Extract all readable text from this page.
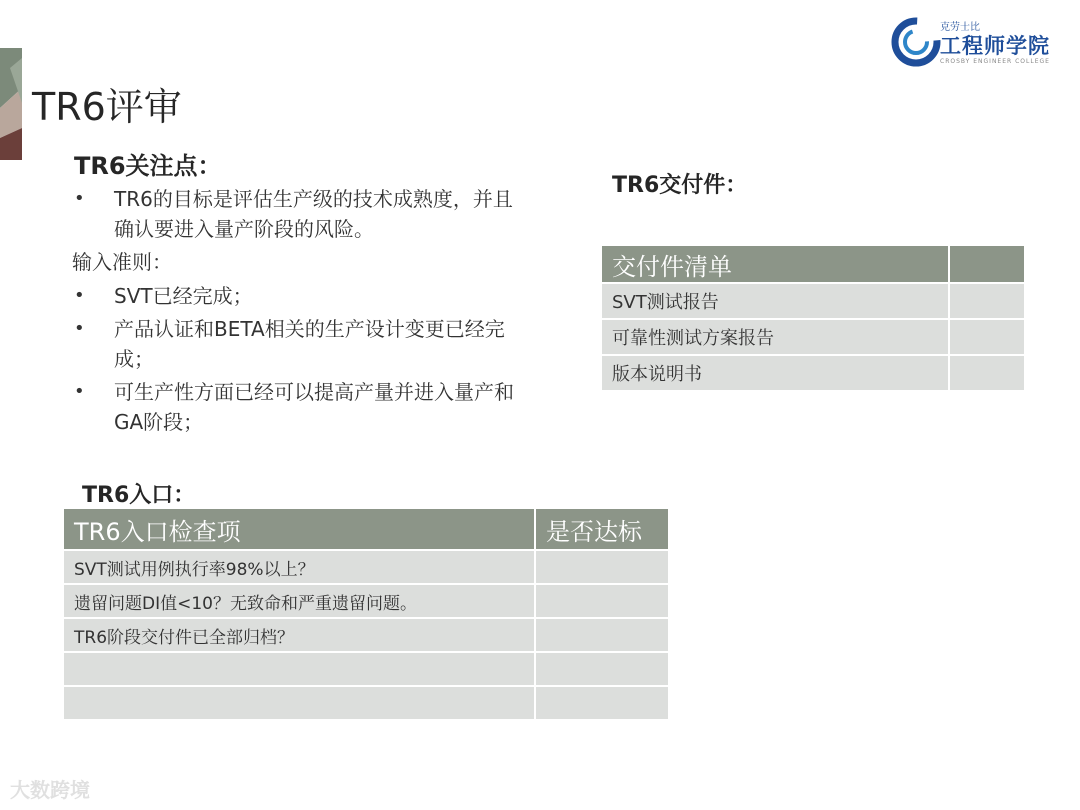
克劳士比
工程师学院
CROSBY ENGINEER COLLEGE
TR6评审
TR6关注点：
• TR6的目标是评估生产级的技术成熟度，并且确认要进入量产阶段的风险。
输入准则：
• SVT已经完成；
• 产品认证和BETA相关的生产设计变更已经完成；
• 可生产性方面已经可以提高产量并进入量产和GA阶段；
TR6交付件：
交付件清单	
SVT测试报告	
可靠性测试方案报告	
版本说明书	
TR6入口：
TR6入口检查项	是否达标
SVT测试用例执行率98%以上？	
遗留问题DI值<10？无致命和严重遗留问题。	
TR6阶段交付件已全部归档？	

大数跨境
